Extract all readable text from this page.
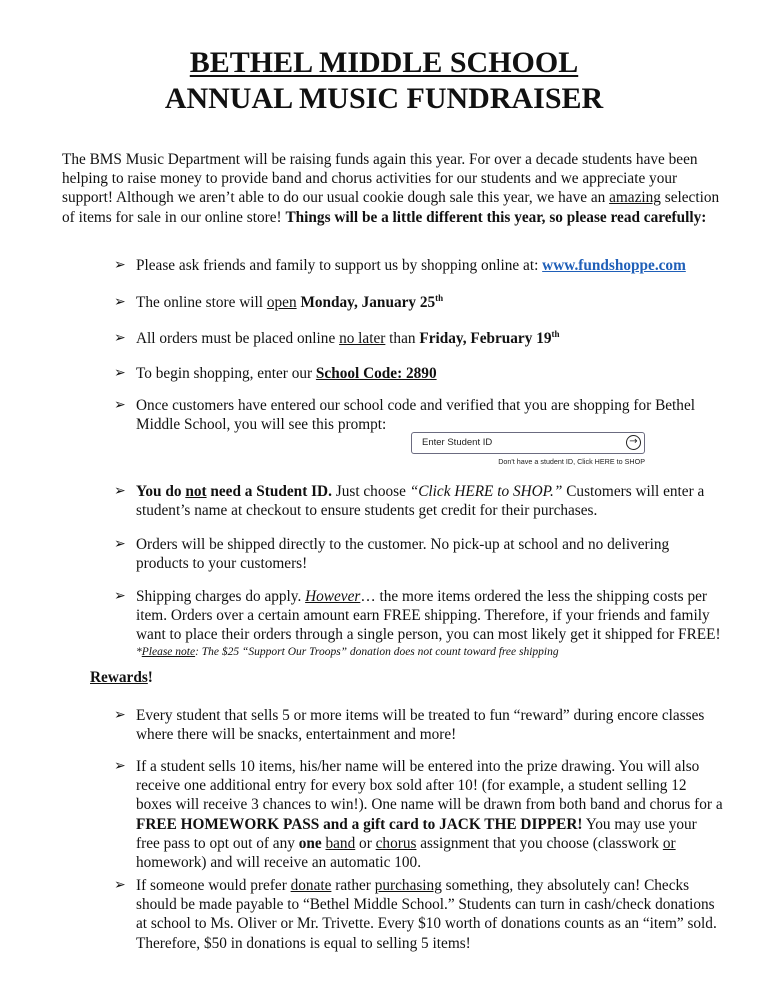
BETHEL MIDDLE SCHOOL
ANNUAL MUSIC FUNDRAISER

The BMS Music Department will be raising funds again this year. For over a decade students have been helping to raise money to provide band and chorus activities for our students and we appreciate your support! Although we aren’t able to do our usual cookie dough sale this year, we have an amazing selection of items for sale in our online store! Things will be a little different this year, so please read carefully:

➢ Please ask friends and family to support us by shopping online at: www.fundshoppe.com
➢ The online store will open Monday, January 25th
➢ All orders must be placed online no later than Friday, February 19th
➢ To begin shopping, enter our School Code: 2890
➢ Once customers have entered our school code and verified that you are shopping for Bethel Middle School, you will see this prompt:
Enter Student ID	→
Don't have a student ID, Click HERE to SHOP
➢ You do not need a Student ID. Just choose “Click HERE to SHOP.” Customers will enter a student’s name at checkout to ensure students get credit for their purchases.
➢ Orders will be shipped directly to the customer. No pick-up at school and no delivering products to your customers!
➢ Shipping charges do apply. However… the more items ordered the less the shipping costs per item. Orders over a certain amount earn FREE shipping. Therefore, if your friends and family want to place their orders through a single person, you can most likely get it shipped for FREE!
*Please note: The $25 “Support Our Troops” donation does not count toward free shipping
Rewards!
➢ Every student that sells 5 or more items will be treated to fun “reward” during encore classes where there will be snacks, entertainment and more!
➢ If a student sells 10 items, his/her name will be entered into the prize drawing. You will also receive one additional entry for every box sold after 10! (for example, a student selling 12 boxes will receive 3 chances to win!). One name will be drawn from both band and chorus for a FREE HOMEWORK PASS and a gift card to JACK THE DIPPER! You may use your free pass to opt out of any one band or chorus assignment that you choose (classwork or homework) and will receive an automatic 100.
➢ If someone would prefer donate rather purchasing something, they absolutely can! Checks should be made payable to “Bethel Middle School.” Students can turn in cash/check donations at school to Ms. Oliver or Mr. Trivette. Every $10 worth of donations counts as an “item” sold. Therefore, $50 in donations is equal to selling 5 items!
